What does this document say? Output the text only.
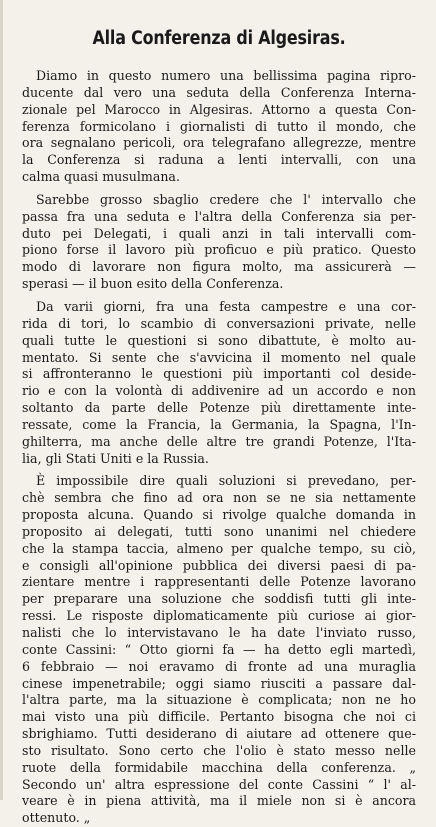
Alla Conferenza di Algesiras.
Diamo in questo numero una bellissima pagina ripro-
ducente dal vero una seduta della Conferenza Interna-
zionale pel Marocco in Algesiras. Attorno a questa Con-
ferenza formicolano i giornalisti di tutto il mondo, che
ora segnalano pericoli, ora telegrafano allegrezze, mentre
la Conferenza si raduna a lenti intervalli, con una
calma quasi musulmana.
Sarebbe grosso sbaglio credere che l' intervallo che
passa fra una seduta e l'altra della Conferenza sia per-
duto pei Delegati, i quali anzi in tali intervalli com-
piono forse il lavoro più proficuo e più pratico. Questo
modo di lavorare non figura molto, ma assicurerà —
sperasi — il buon esito della Conferenza.
Da varii giorni, fra una festa campestre e una cor-
rida di tori, lo scambio di conversazioni private, nelle
quali tutte le questioni si sono dibattute, è molto au-
mentato. Si sente che s'avvicina il momento nel quale
si affronteranno le questioni più importanti col deside-
rio e con la volontà di addivenire ad un accordo e non
soltanto da parte delle Potenze più direttamente inte-
ressate, come la Francia, la Germania, la Spagna, l'In-
ghilterra, ma anche delle altre tre grandi Potenze, l'Ita-
lia, gli Stati Uniti e la Russia.
È impossibile dire quali soluzioni si prevedano, per-
chè sembra che fino ad ora non se ne sia nettamente
proposta alcuna. Quando si rivolge qualche domanda in
proposito ai delegati, tutti sono unanimi nel chiedere
che la stampa taccia, almeno per qualche tempo, su ciò,
e consigli all'opinione pubblica dei diversi paesi di pa-
zientare mentre i rappresentanti delle Potenze lavorano
per preparare una soluzione che soddisfi tutti gli inte-
ressi. Le risposte diplomaticamente più curiose ai gior-
nalisti che lo intervistavano le ha date l'inviato russo,
conte Cassini: “ Otto giorni fa — ha detto egli martedì,
6 febbraio — noi eravamo di fronte ad una muraglia
cinese impenetrabile; oggi siamo riusciti a passare dal-
l'altra parte, ma la situazione è complicata; non ne ho
mai visto una più difficile. Pertanto bisogna che noi ci
sbrighiamo. Tutti desiderano di aiutare ad ottenere que-
sto risultato. Sono certo che l'olio è stato messo nelle
ruote della formidabile macchina della conferenza. „
Secondo un' altra espressione del conte Cassini “ l' al-
veare è in piena attività, ma il miele non si è ancora
ottenuto. „
